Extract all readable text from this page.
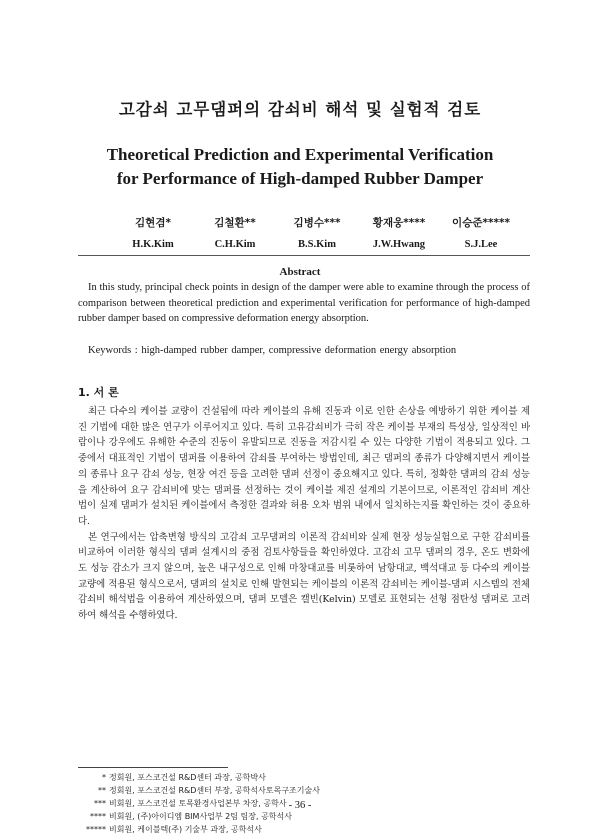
고감쇠 고무댐퍼의 감쇠비 해석 및 실험적 검토
Theoretical Prediction and Experimental Verification
for Performance of High-damped Rubber Damper
김현겸*
H.K.Kim
김철환**
C.H.Kim
김병수***
B.S.Kim
황재웅****
J.W.Hwang
이승준*****
S.J.Lee
Abstract

In this study, principal check points in design of the damper were able to examine through the process of comparison between theoretical prediction and experimental verification for performance of high-damped rubber damper based on compressive deformation energy absorption.

Keywords : high-damped rubber damper, compressive deformation energy absorption

1. 서 론

최근 다수의 케이블 교량이 건설됨에 따라 케이블의 유해 진동과 이로 인한 손상을 예방하기 위한 케이블 제진 기법에 대한 많은 연구가 이루어지고 있다. 특히 고유감쇠비가 극히 작은 케이블 부재의 특성상, 일상적인 바람이나 강우에도 유해한 수준의 진동이 유발되므로 진동을 저감시킬 수 있는 다양한 기법이 적용되고 있다. 그 중에서 대표적인 기법이 댐퍼를 이용하여 감쇠를 부여하는 방법인데, 최근 댐퍼의 종류가 다양해지면서 케이블의 종류나 요구 감쇠 성능, 현장 여건 등을 고려한 댐퍼 선정이 중요해지고 있다. 특히, 정확한 댐퍼의 감쇠 성능을 계산하여 요구 감쇠비에 맞는 댐퍼를 선정하는 것이 케이블 제진 설계의 기본이므로, 이론적인 감쇠비 계산법이 실제 댐퍼가 설치된 케이블에서 측정한 결과와 허용 오차 범위 내에서 일치하는지를 확인하는 것이 중요하다.

본 연구에서는 압축변형 방식의 고감쇠 고무댐퍼의 이론적 감쇠비와 실제 현장 성능실험으로 구한 감쇠비를 비교하여 이러한 형식의 댐퍼 설계시의 중점 검토사항들을 확인하였다. 고감쇠 고무 댐퍼의 경우, 온도 변화에도 성능 감소가 크지 않으며, 높은 내구성으로 인해 마창대교를 비롯하여 남항대교, 백석대교 등 다수의 케이블 교량에 적용된 형식으로서, 댐퍼의 설치로 인해 발현되는 케이블의 이론적 감쇠비는 케이블-댐퍼 시스템의 전체 감쇠비 해석법을 이용하여 계산하였으며, 댐퍼 모델은 캘빈(Kelvin) 모델로 표현되는 선형 점탄성 댐퍼로 고려하여 해석을 수행하였다.

* 정회원, 포스코건설 R&D센터 과장, 공학박사
** 정회원, 포스코건설 R&D센터 부장, 공학석사토목구조기술사
*** 비회원, 포스코건설 토목환경사업본부 차장, 공학사
**** 비회원, (주)아이디엠 BIM사업부 2팀 팀장, 공학석사
***** 비회원, 케이블텍(주) 기술부 과장, 공학석사

- 36 -
